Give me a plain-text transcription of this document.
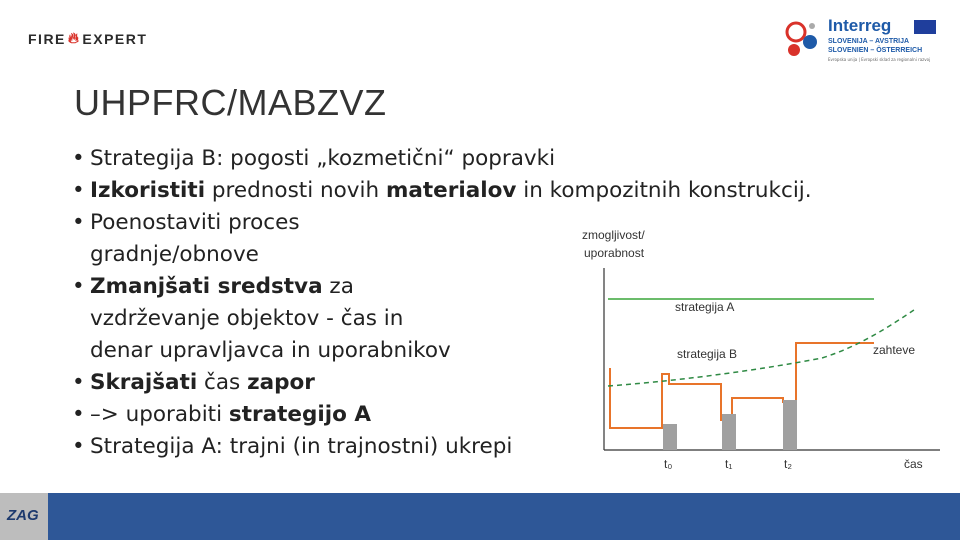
FIRE 🔥︎ EXPERT
Interreg
SLOVENIJA – AVSTRIJA
SLOVENIEN – ÖSTERREICH
Evropska unija | Evropski sklad za regionalni razvoj
UHPFRC/MABZVZ
• Strategija B: pogosti „kozmetični“ popravki
• Izkoristiti prednosti novih materialov in kompozitnih konstrukcij.
• Poenostaviti proces
gradnje/obnove
• Zmanjšati sredstva za
vzdrževanje objektov - čas in
denar upravljavca in uporabnikov
• Skrajšati čas zapor
• –> uporabiti strategijo A
• Strategija A: trajni (in trajnostni) ukrepi
zmogljivost/
uporabnost
strategija A
strategija B	zahteve
t₀	t₁	t₂	čas
ZAG
